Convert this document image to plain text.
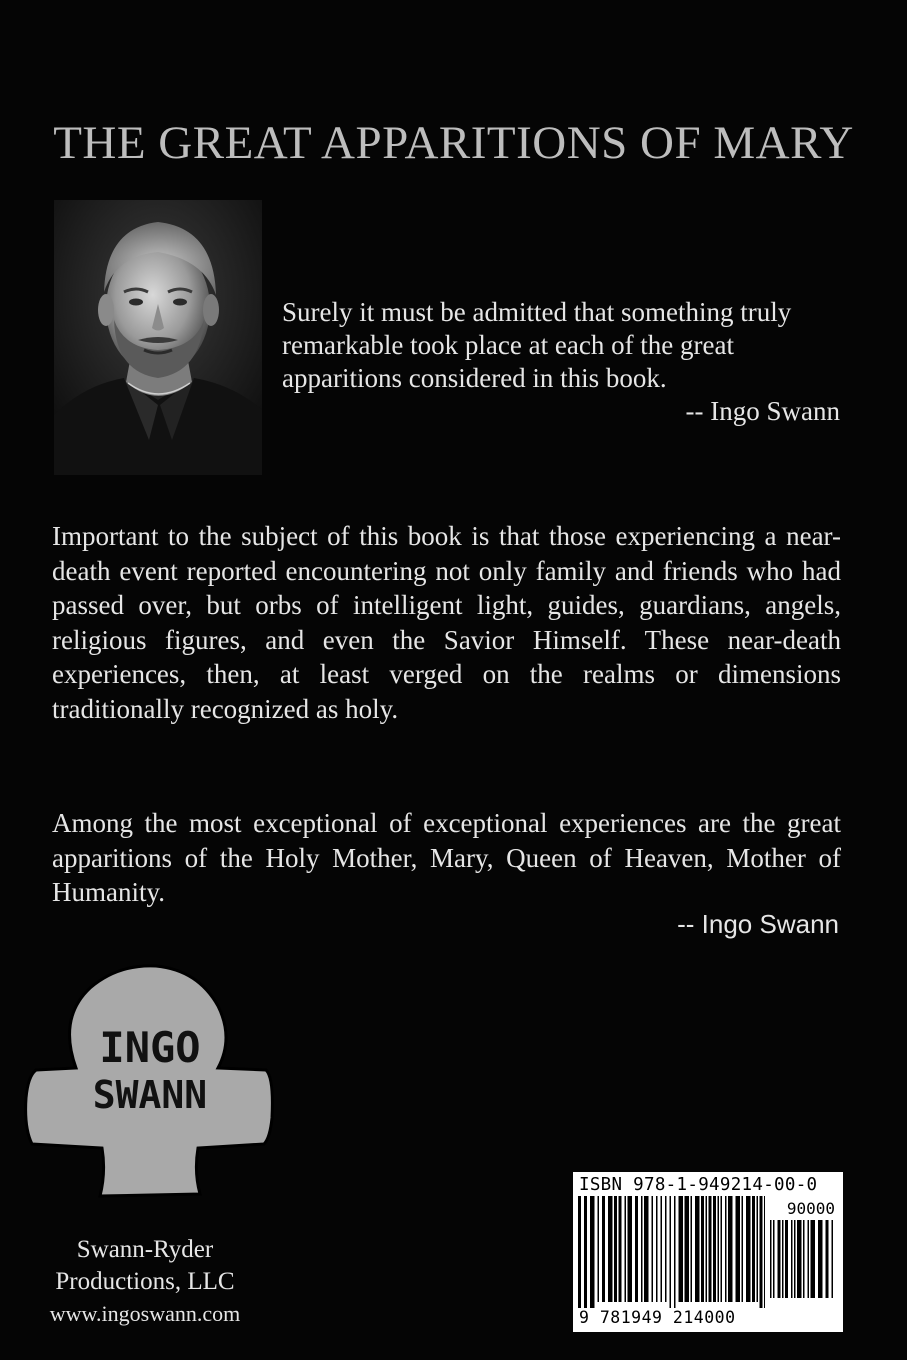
THE GREAT APPARITIONS OF MARY

Surely it must be admitted that something truly remarkable took place at each of the great apparitions considered in this book.

-- Ingo Swann

Important to the subject of this book is that those experiencing a near-death event reported encountering not only family and friends who had passed over, but orbs of intelligent light, guides, guardians, angels, religious figures, and even the Savior Himself. These near-death experiences, then, at least verged on the realms or dimensions traditionally recognized as holy.

Among the most exceptional of exceptional experiences are the great apparitions of the Holy Mother, Mary, Queen of Heaven, Mother of Humanity.

-- Ingo Swann
INGO
SWANN
Swann-Ryder
Productions, LLC
www.ingoswann.com
ISBN 978-1-949214-00-0
90000
9 781949 214000
